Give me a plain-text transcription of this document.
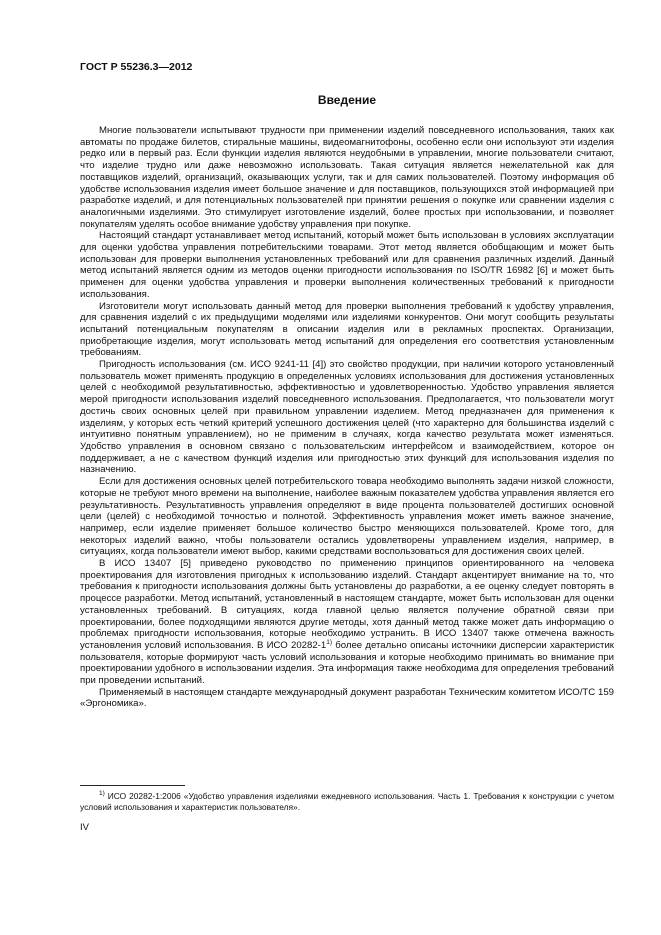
ГОСТ Р 55236.3—2012

Введение

Многие пользователи испытывают трудности при применении изделий повседневного использования, таких как автоматы по продаже билетов, стиральные машины, видеомагнитофоны, особенно если они используют эти изделия редко или в первый раз. Если функции изделия являются неудобными в управлении, многие пользователи считают, что изделие трудно или даже невозможно использовать. Такая ситуация является нежелательной как для поставщиков изделий, организаций, оказывающих услуги, так и для самих пользователей. Поэтому информация об удобстве использования изделия имеет большое значение и для поставщиков, пользующихся этой информацией при разработке изделий, и для потенциальных пользователей при принятии решения о покупке или сравнении изделия с аналогичными изделиями. Это стимулирует изготовление изделий, более простых при использовании, и позволяет покупателям уделять особое внимание удобству управления при покупке.

Настоящий стандарт устанавливает метод испытаний, который может быть использован в условиях эксплуатации для оценки удобства управления потребительскими товарами. Этот метод является обобщающим и может быть использован для проверки выполнения установленных требований или для сравнения различных изделий. Данный метод испытаний является одним из методов оценки пригодности использования по ISO/TR 16982 [6] и может быть применен для оценки удобства управления и проверки выполнения количественных требований к пригодности использования.

Изготовители могут использовать данный метод для проверки выполнения требований к удобству управления, для сравнения изделий с их предыдущими моделями или изделиями конкурентов. Они могут сообщить результаты испытаний потенциальным покупателям в описании изделия или в рекламных проспектах. Организации, приобретающие изделия, могут использовать метод испытаний для определения его соответствия установленным требованиям.

Пригодность использования (см. ИСО 9241-11 [4]) это свойство продукции, при наличии которого установленный пользователь может применять продукцию в определенных условиях использования для достижения установленных целей с необходимой результативностью, эффективностью и удовлетворенностью. Удобство управления является мерой пригодности использования изделий повседневного использования. Предполагается, что пользователи могут достичь своих основных целей при правильном управлении изделием. Метод предназначен для применения к изделиям, у которых есть четкий критерий успешного достижения целей (что характерно для большинства изделий с интуитивно понятным управлением), но не применим в случаях, когда качество результата может изменяться. Удобство управления в основном связано с пользовательским интерфейсом и взаимодействием, которое он поддерживает, а не с качеством функций изделия или пригодностью этих функций для использования изделия по назначению.

Если для достижения основных целей потребительского товара необходимо выполнять задачи низкой сложности, которые не требуют много времени на выполнение, наиболее важным показателем удобства управления является его результативность. Результативность управления определяют в виде процента пользователей достигших основной цели (целей) с необходимой точностью и полнотой. Эффективность управления может иметь важное значение, например, если изделие применяет большое количество быстро меняющихся пользователей. Кроме того, для некоторых изделий важно, чтобы пользователи остались удовлетворены управлением изделия, например, в ситуациях, когда пользователи имеют выбор, какими средствами воспользоваться для достижения своих целей.

В ИСО 13407 [5] приведено руководство по применению принципов ориентированного на человека проектирования для изготовления пригодных к использованию изделий. Стандарт акцентирует внимание на то, что требования к пригодности использования должны быть установлены до разработки, а ее оценку следует повторять в процессе разработки. Метод испытаний, установленный в настоящем стандарте, может быть использован для оценки установленных требований. В ситуациях, когда главной целью является получение обратной связи при проектировании, более подходящими являются другие методы, хотя данный метод также может дать информацию о проблемах пригодности использования, которые необходимо устранить. В ИСО 13407 также отмечена важность установления условий использования. В ИСО 20282-1$^{1)}$ более детально описаны источники дисперсии характеристик пользователя, которые формируют часть условий использования и которые необходимо принимать во внимание при проектировании удобного в использовании изделия. Эта информация также необходима для определения требований при проведении испытаний.

Применяемый в настоящем стандарте международный документ разработан Техническим комитетом ИСО/ТС 159 «Эргономика».

$^{1)}$ ИСО 20282-1:2006 «Удобство управления изделиями ежедневного использования. Часть 1. Требования к конструкции с учетом условий использования и характеристик пользователя».

IV
